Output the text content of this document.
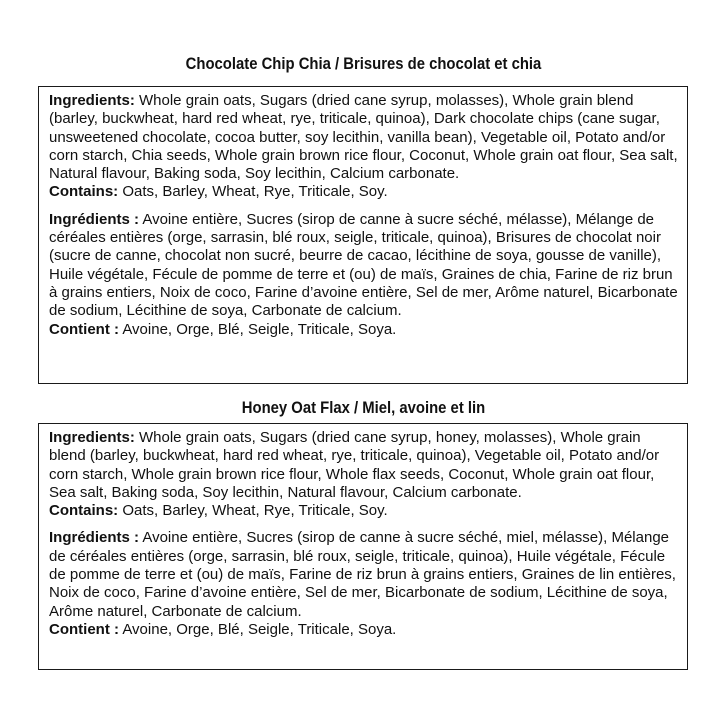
Chocolate Chip Chia / Brisures de chocolat et chia

Ingredients: Whole grain oats, Sugars (dried cane syrup, molasses), Whole grain blend (barley, buckwheat, hard red wheat, rye, triticale, quinoa), Dark chocolate chips (cane sugar, unsweetened chocolate, cocoa butter, soy lecithin, vanilla bean), Vegetable oil, Potato and/or corn starch, Chia seeds, Whole grain brown rice flour, Coconut, Whole grain oat flour, Sea salt, Natural flavour, Baking soda, Soy lecithin, Calcium carbonate.

Contains: Oats, Barley, Wheat, Rye, Triticale, Soy.

Ingrédients : Avoine entière, Sucres (sirop de canne à sucre séché, mélasse), Mélange de céréales entières (orge, sarrasin, blé roux, seigle, triticale, quinoa), Brisures de chocolat noir (sucre de canne, chocolat non sucré, beurre de cacao, lécithine de soya, gousse de vanille), Huile végétale, Fécule de pomme de terre et (ou) de maïs, Graines de chia, Farine de riz brun à grains entiers, Noix de coco, Farine d’avoine entière, Sel de mer, Arôme naturel, Bicarbonate de sodium, Lécithine de soya, Carbonate de calcium.

Contient : Avoine, Orge, Blé, Seigle, Triticale, Soya.

Honey Oat Flax / Miel, avoine et lin

Ingredients: Whole grain oats, Sugars (dried cane syrup, honey, molasses), Whole grain blend (barley, buckwheat, hard red wheat, rye, triticale, quinoa), Vegetable oil, Potato and/or corn starch, Whole grain brown rice flour, Whole flax seeds, Coconut, Whole grain oat flour, Sea salt, Baking soda, Soy lecithin, Natural flavour, Calcium carbonate.

Contains: Oats, Barley, Wheat, Rye, Triticale, Soy.

Ingrédients : Avoine entière, Sucres (sirop de canne à sucre séché, miel, mélasse), Mélange de céréales entières (orge, sarrasin, blé roux, seigle, triticale, quinoa), Huile végétale, Fécule de pomme de terre et (ou) de maïs, Farine de riz brun à grains entiers, Graines de lin entières, Noix de coco, Farine d’avoine entière, Sel de mer, Bicarbonate de sodium, Lécithine de soya, Arôme naturel, Carbonate de calcium.

Contient : Avoine, Orge, Blé, Seigle, Triticale, Soya.
